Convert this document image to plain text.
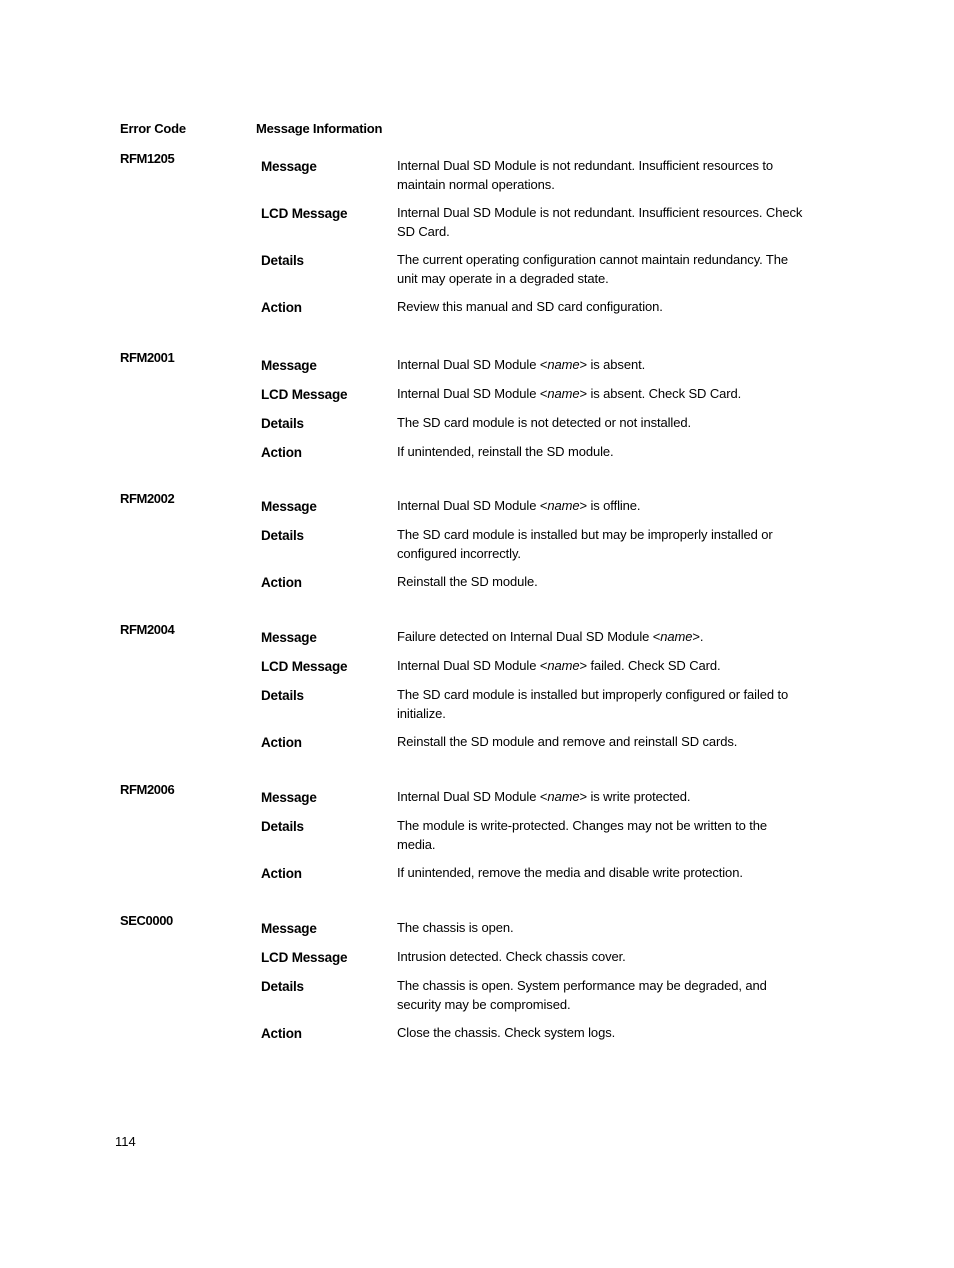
Error Code	Message Information
RFM1205
Message	Internal Dual SD Module is not redundant. Insufficient resources to maintain normal operations.
LCD Message	Internal Dual SD Module is not redundant. Insufficient resources. Check SD Card.
Details	The current operating configuration cannot maintain redundancy. The unit may operate in a degraded state.
Action	Review this manual and SD card configuration.
RFM2001
Message	Internal Dual SD Module <name> is absent.
LCD Message	Internal Dual SD Module <name> is absent. Check SD Card.
Details	The SD card module is not detected or not installed.
Action	If unintended, reinstall the SD module.
RFM2002
Message	Internal Dual SD Module <name> is offline.
Details	The SD card module is installed but may be improperly installed or configured incorrectly.
Action	Reinstall the SD module.
RFM2004
Message	Failure detected on Internal Dual SD Module <name>.
LCD Message	Internal Dual SD Module <name> failed. Check SD Card.
Details	The SD card module is installed but improperly configured or failed to initialize.
Action	Reinstall the SD module and remove and reinstall SD cards.
RFM2006
Message	Internal Dual SD Module <name> is write protected.
Details	The module is write-protected. Changes may not be written to the media.
Action	If unintended, remove the media and disable write protection.
SEC0000
Message	The chassis is open.
LCD Message	Intrusion detected. Check chassis cover.
Details	The chassis is open. System performance may be degraded, and security may be compromised.
Action	Close the chassis. Check system logs.
114
